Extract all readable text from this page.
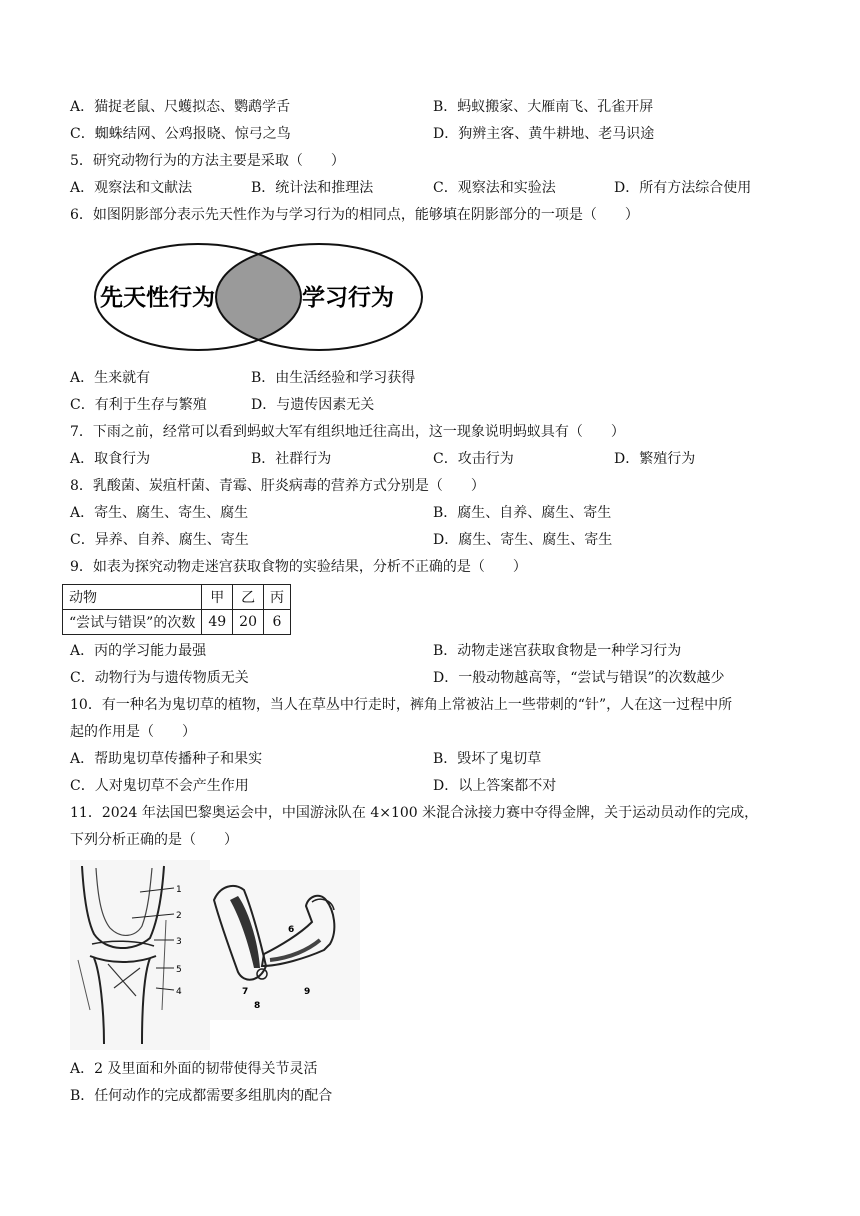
A．猫捉老鼠、尺蠖拟态、鹦鹉学舌	B．蚂蚁搬家、大雁南飞、孔雀开屏
C．蜘蛛结网、公鸡报晓、惊弓之鸟	D．狗辨主客、黄牛耕地、老马识途
5．研究动物行为的方法主要是采取（　　）
A．观察法和文献法	B．统计法和推理法	C．观察法和实验法	D．所有方法综合使用
6．如图阴影部分表示先天性作为与学习行为的相同点，能够填在阴影部分的一项是（　　）
先天性行为	学习行为
A．生来就有	B．由生活经验和学习获得
C．有利于生存与繁殖	D．与遗传因素无关
7．下雨之前，经常可以看到蚂蚁大军有组织地迁往高出，这一现象说明蚂蚁具有（　　）
A．取食行为	B．社群行为	C．攻击行为	D．繁殖行为
8．乳酸菌、炭疽杆菌、青霉、肝炎病毒的营养方式分别是（　　）
A．寄生、腐生、寄生、腐生	B．腐生、自养、腐生、寄生
C．异养、自养、腐生、寄生	D．腐生、寄生、腐生、寄生
9．如表为探究动物走迷宫获取食物的实验结果，分析不正确的是（　　）
动物	甲	乙	丙
“尝试与错误”的次数	49	20	6
A．丙的学习能力最强	B．动物走迷宫获取食物是一种学习行为
C．动物行为与遗传物质无关	D．一般动物越高等，“尝试与错误”的次数越少
10．有一种名为鬼切草的植物，当人在草丛中行走时，裤角上常被沾上一些带刺的“针”，人在这一过程中所
起的作用是（　　）
A．帮助鬼切草传播种子和果实	B．毁坏了鬼切草
C．人对鬼切草不会产生作用	D．以上答案都不对
11．2024 年法国巴黎奥运会中，中国游泳队在 4×100 米混合泳接力赛中夺得金牌，关于运动员动作的完成，
下列分析正确的是（　　）
1
2
3
4
5
6
7
8
9
A．2 及里面和外面的韧带使得关节灵活
B．任何动作的完成都需要多组肌肉的配合
